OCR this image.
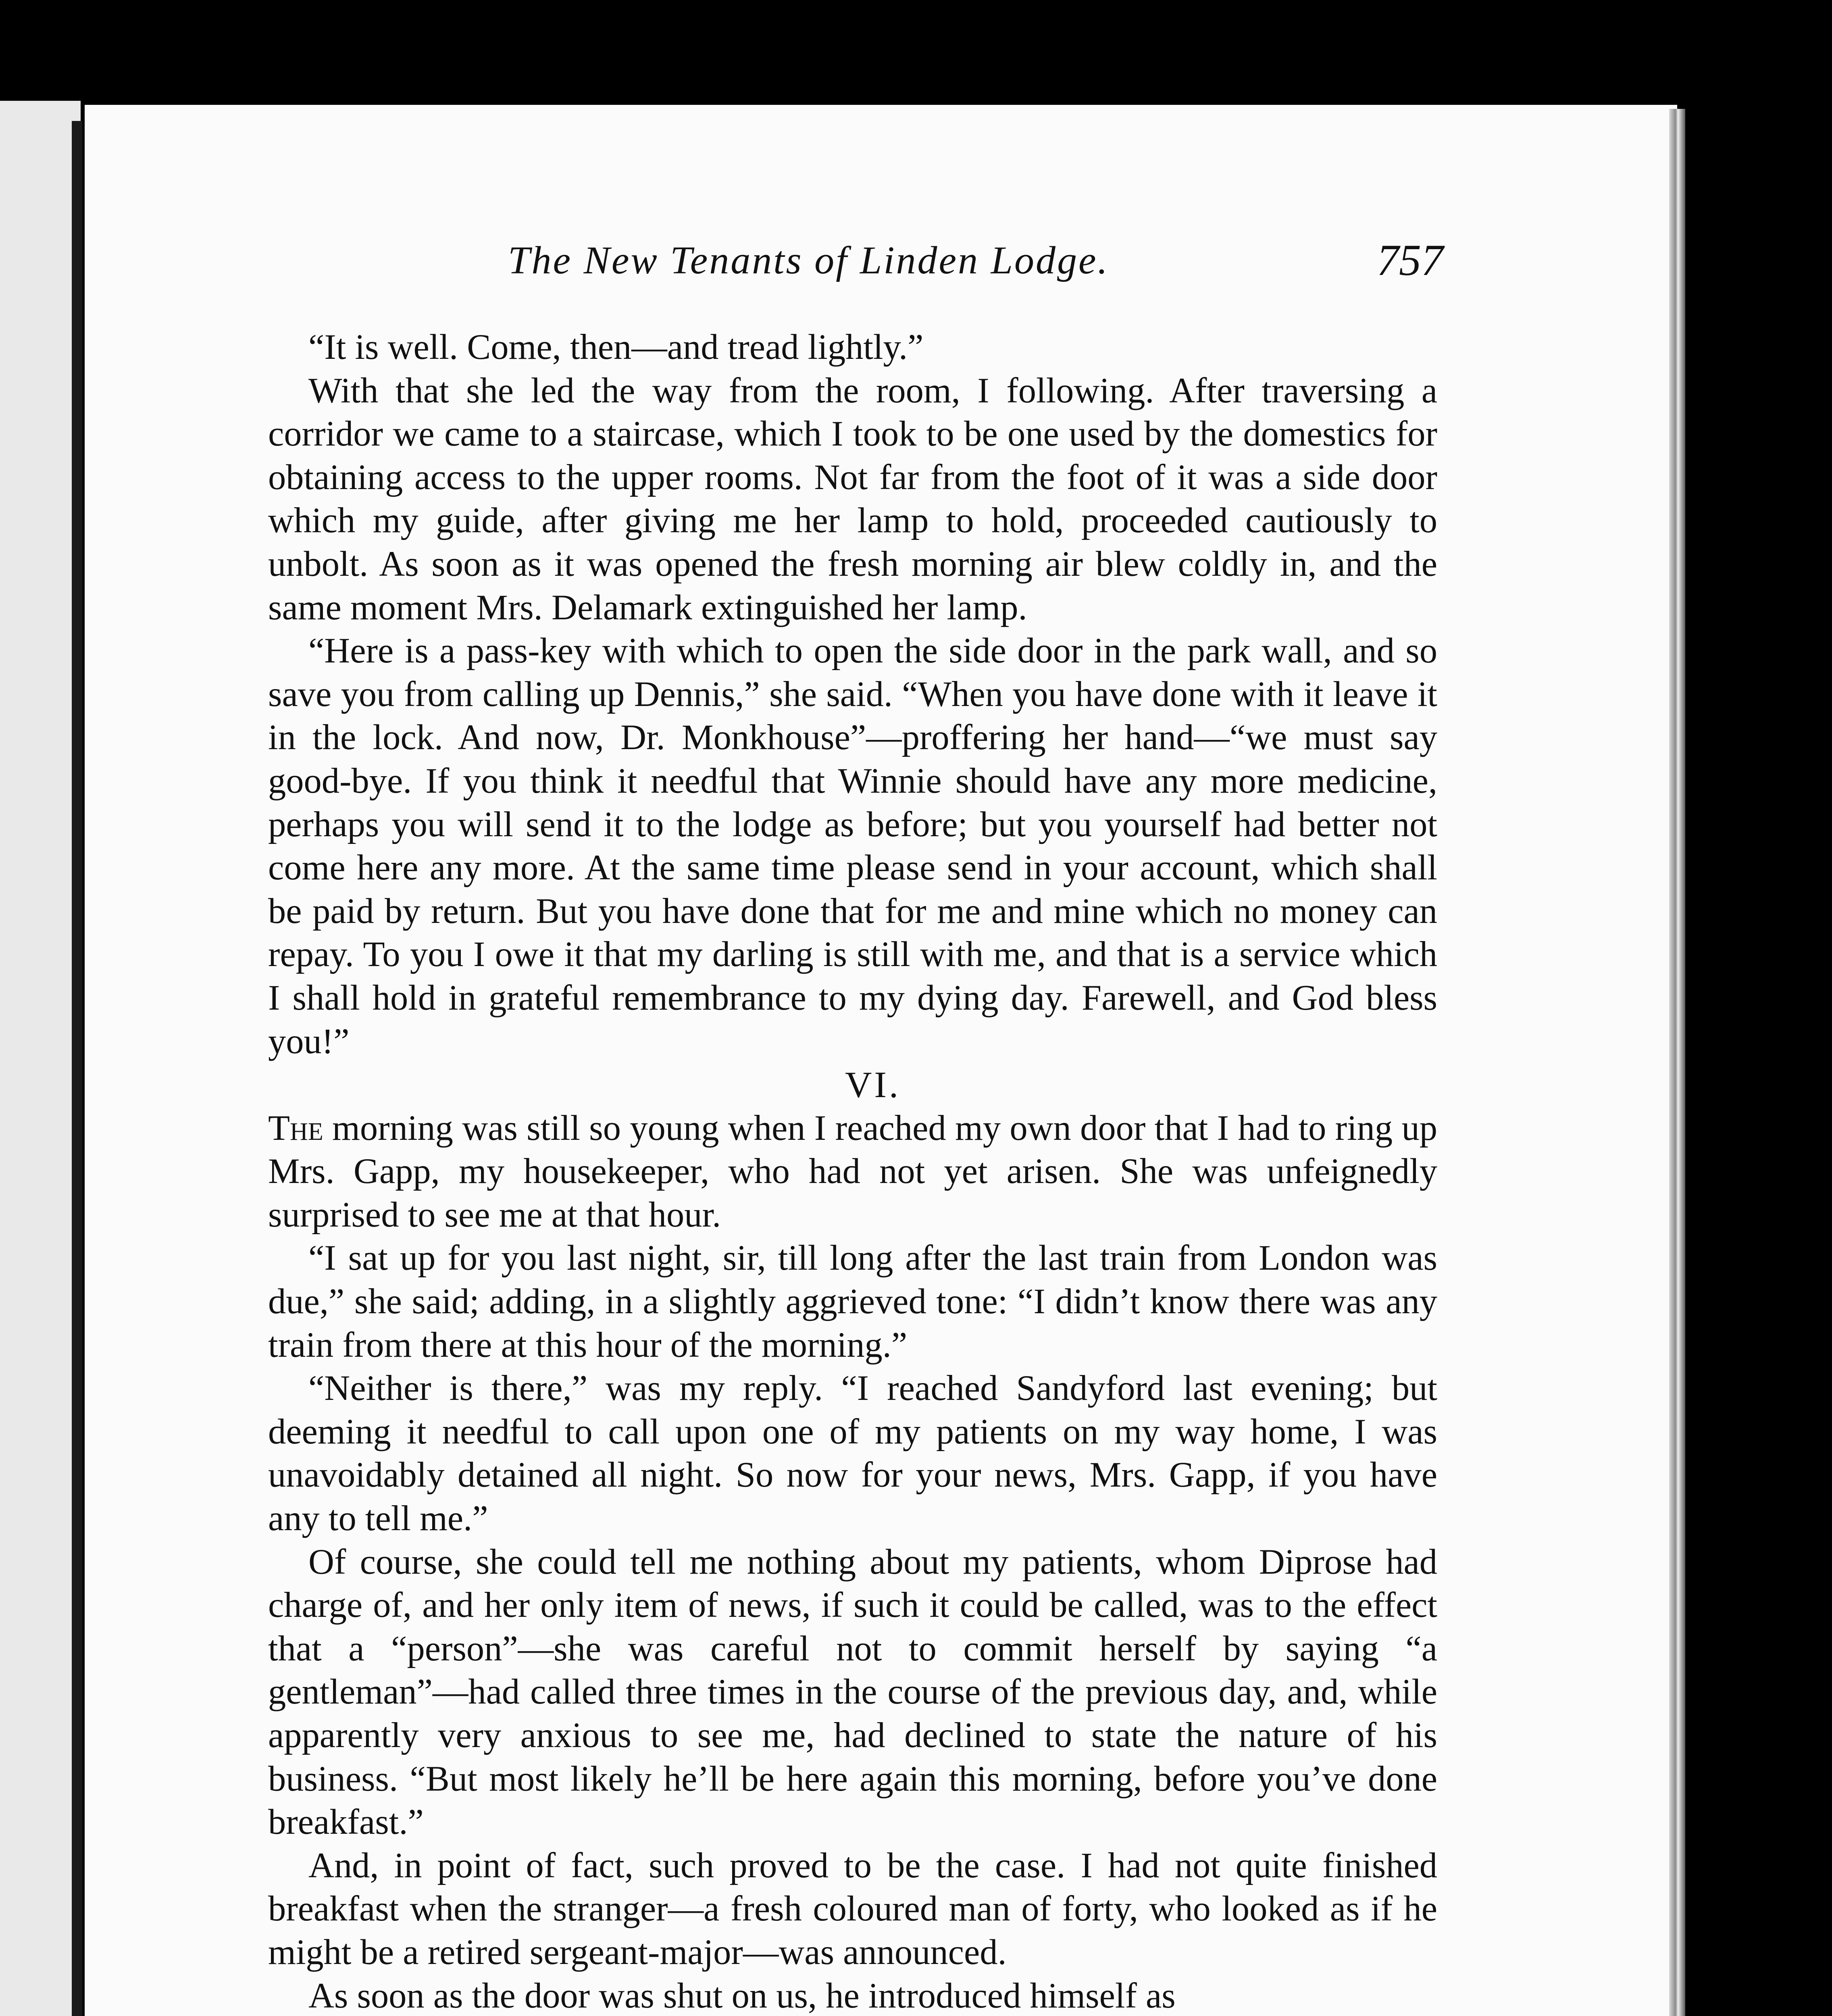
The New Tenants of Linden Lodge.	757

“It is well. Come, then—and tread lightly.”

With that she led the way from the room, I following. After traversing a corridor we came to a staircase, which I took to be one used by the domestics for obtaining access to the upper rooms. Not far from the foot of it was a side door which my guide, after giving me her lamp to hold, proceeded cautiously to unbolt. As soon as it was opened the fresh morning air blew coldly in, and the same moment Mrs. Delamark extinguished her lamp.

“Here is a pass-key with which to open the side door in the park wall, and so save you from calling up Dennis,” she said. “When you have done with it leave it in the lock. And now, Dr. Monkhouse”—proffering her hand—“we must say good-bye. If you think it needful that Winnie should have any more medicine, perhaps you will send it to the lodge as before; but you yourself had better not come here any more. At the same time please send in your account, which shall be paid by return. But you have done that for me and mine which no money can repay. To you I owe it that my darling is still with me, and that is a service which I shall hold in grateful remembrance to my dying day. Farewell, and God bless you!”

VI.

The morning was still so young when I reached my own door that I had to ring up Mrs. Gapp, my housekeeper, who had not yet arisen. She was unfeignedly surprised to see me at that hour.

“I sat up for you last night, sir, till long after the last train from London was due,” she said; adding, in a slightly aggrieved tone: “I didn’t know there was any train from there at this hour of the morning.”

“Neither is there,” was my reply. “I reached Sandyford last evening; but deeming it needful to call upon one of my patients on my way home, I was unavoidably detained all night. So now for your news, Mrs. Gapp, if you have any to tell me.”

Of course, she could tell me nothing about my patients, whom Diprose had charge of, and her only item of news, if such it could be called, was to the effect that a “person”—she was careful not to commit herself by saying “a gentleman”—had called three times in the course of the previous day, and, while apparently very anxious to see me, had declined to state the nature of his business. “But most likely he’ll be here again this morning, before you’ve done breakfast.”

And, in point of fact, such proved to be the case. I had not quite finished breakfast when the stranger—a fresh coloured man of forty, who looked as if he might be a retired sergeant-major—was announced.

As soon as the door was shut on us, he introduced himself as
